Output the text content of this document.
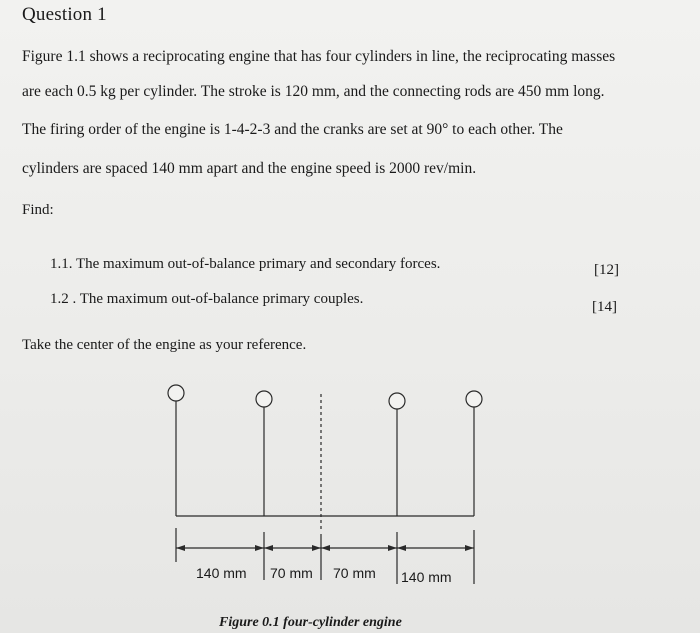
Question 1
Figure 1.1 shows a reciprocating engine that has four cylinders in line, the reciprocating masses
are each 0.5 kg per cylinder. The stroke is 120 mm, and the connecting rods are 450 mm long.
The firing order of the engine is 1-4-2-3 and the cranks are set at 90° to each other. The
cylinders are spaced 140 mm apart and the engine speed is 2000 rev/min.
Find:
1.1. The maximum out-of-balance primary and secondary forces.	[12]
1.2 . The maximum out-of-balance primary couples.	[14]
Take the center of the engine as your reference.
140 mm 70 mm 70 mm 140 mm
Figure 0.1 four-cylinder engine
